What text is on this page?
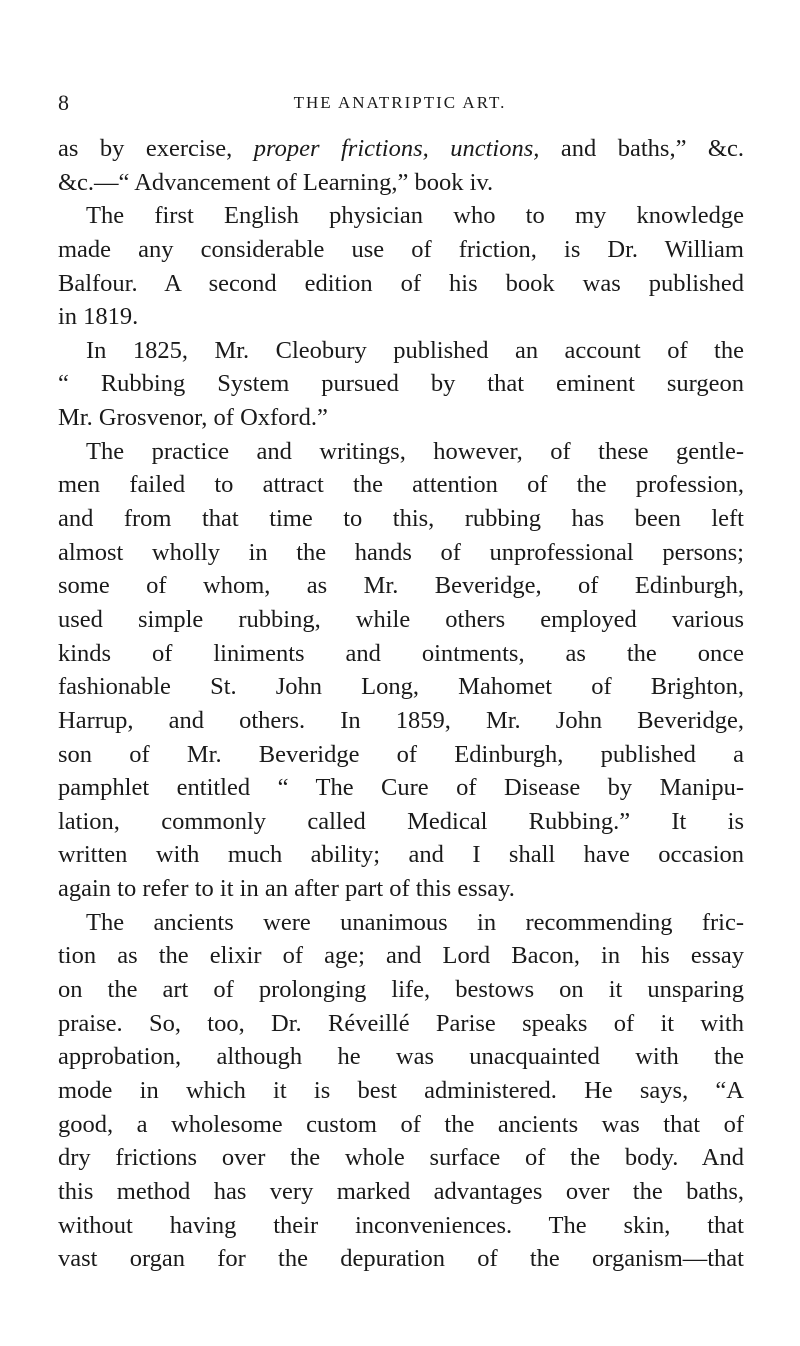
8	THE ANATRIPTIC ART.
as by exercise, proper frictions, unctions, and baths,” &c.
&c.—“ Advancement of Learning,” book iv.
The first English physician who to my knowledge
made any considerable use of friction, is Dr. William
Balfour. A second edition of his book was published
in 1819.
In 1825, Mr. Cleobury published an account of the
“ Rubbing System pursued by that eminent surgeon
Mr. Grosvenor, of Oxford.”
The practice and writings, however, of these gentle-
men failed to attract the attention of the profession,
and from that time to this, rubbing has been left
almost wholly in the hands of unprofessional persons;
some of whom, as Mr. Beveridge, of Edinburgh,
used simple rubbing, while others employed various
kinds of liniments and ointments, as the once
fashionable St. John Long, Mahomet of Brighton,
Harrup, and others. In 1859, Mr. John Beveridge,
son of Mr. Beveridge of Edinburgh, published a
pamphlet entitled “ The Cure of Disease by Manipu-
lation, commonly called Medical Rubbing.” It is
written with much ability; and I shall have occasion
again to refer to it in an after part of this essay.
The ancients were unanimous in recommending fric-
tion as the elixir of age; and Lord Bacon, in his essay
on the art of prolonging life, bestows on it unsparing
praise. So, too, Dr. Réveillé Parise speaks of it with
approbation, although he was unacquainted with the
mode in which it is best administered. He says, “A
good, a wholesome custom of the ancients was that of
dry frictions over the whole surface of the body. And
this method has very marked advantages over the baths,
without having their inconveniences. The skin, that
vast organ for the depuration of the organism—that
